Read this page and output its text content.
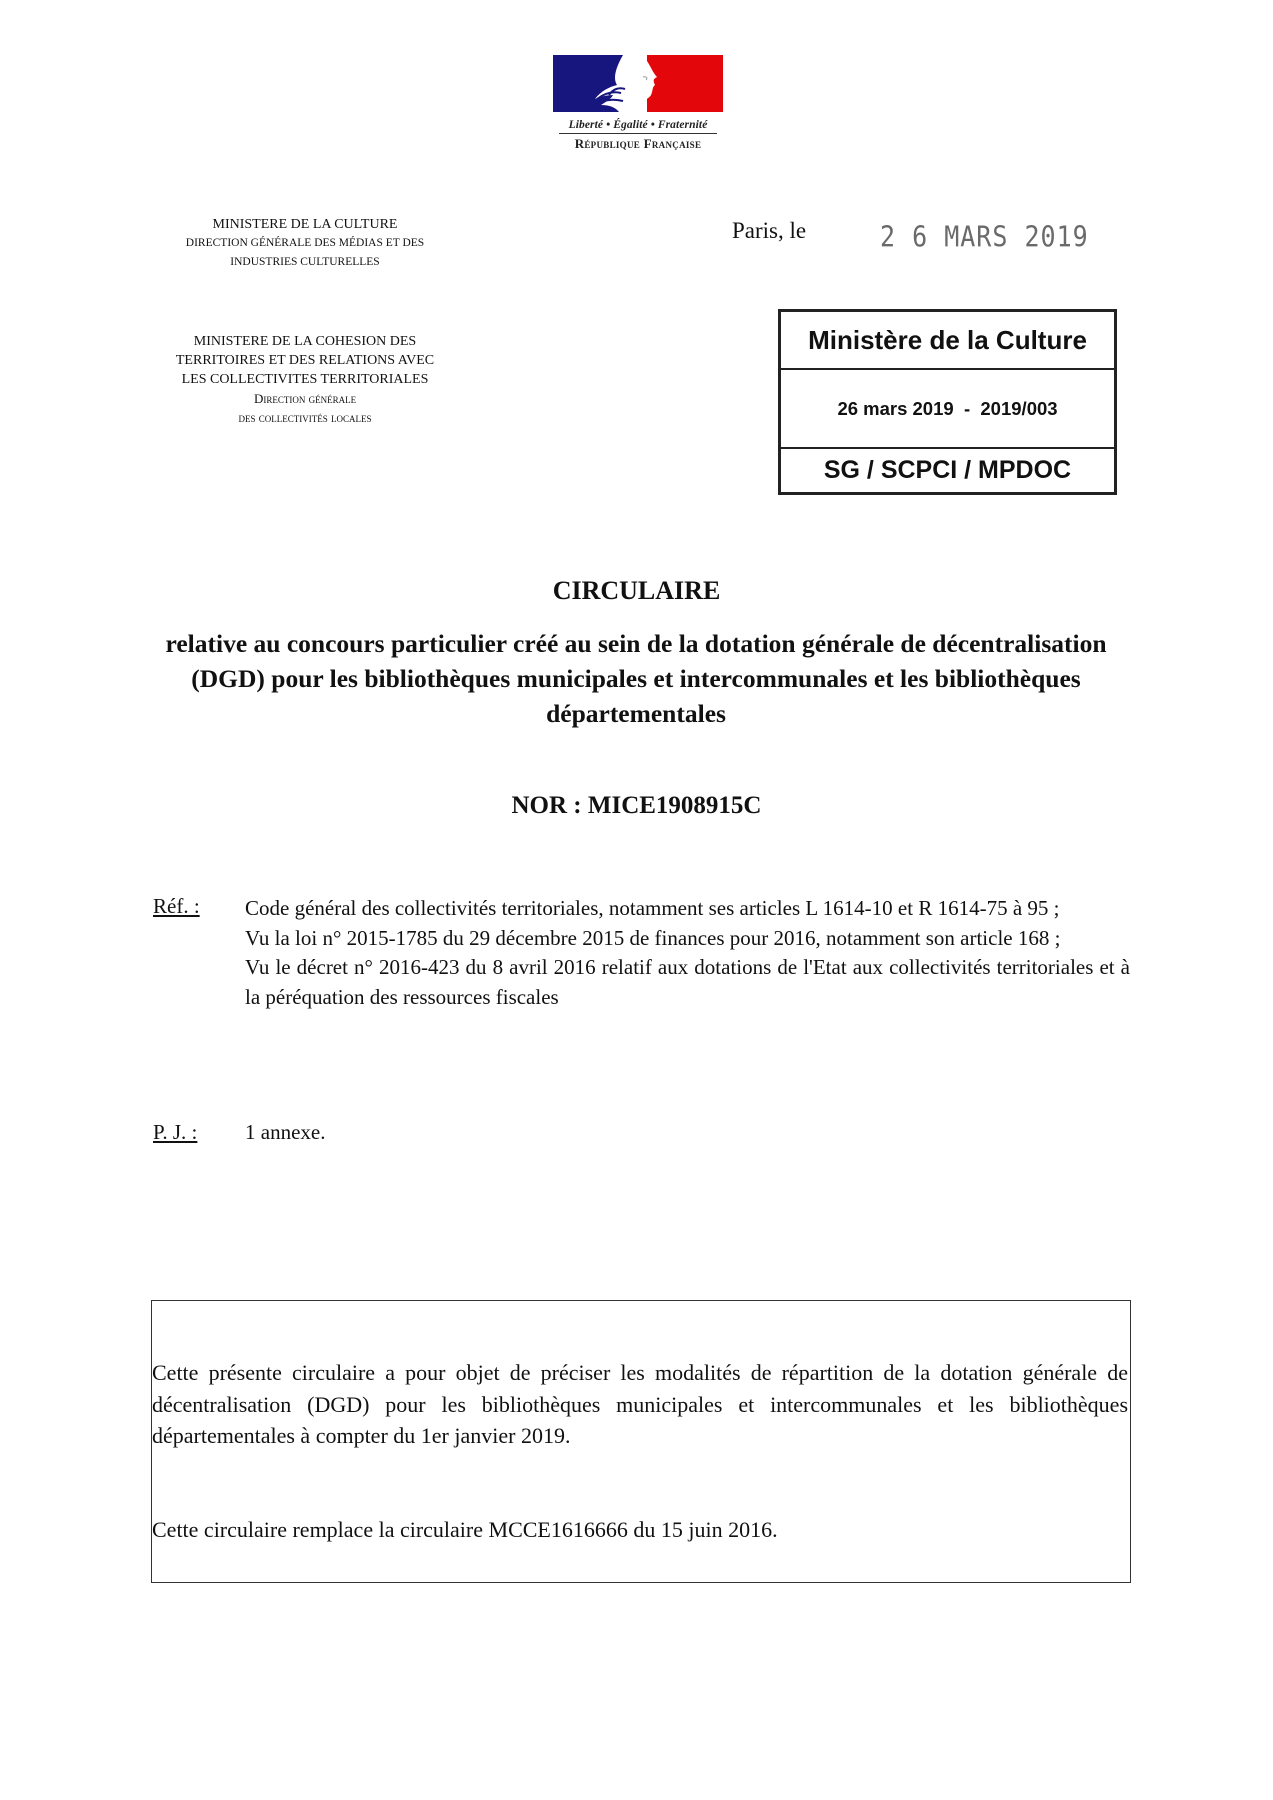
Liberté • Égalité • Fraternité
République Française
MINISTERE DE LA CULTURE
DIRECTION GÉNÉRALE DES MÉDIAS ET DES
INDUSTRIES CULTURELLES
MINISTERE DE LA COHESION DES
TERRITOIRES ET DES RELATIONS AVEC
LES COLLECTIVITES TERRITORIALES
Direction générale
des collectivités locales
Paris, le	2 6 MARS 2019
Ministère de la Culture
26 mars 2019  -  2019/003
SG / SCPCI / MPDOC
CIRCULAIRE
relative au concours particulier créé au sein de la dotation générale de décentralisation (DGD) pour les bibliothèques municipales et intercommunales et les bibliothèques départementales
NOR : MICE1908915C
Réf. : Code général des collectivités territoriales, notamment ses articles L 1614-10 et R 1614-75 à 95 ;

Vu la loi n° 2015-1785 du 29 décembre 2015 de finances pour 2016, notamment son article 168 ;

Vu le décret n° 2016-423 du 8 avril 2016 relatif aux dotations de l'Etat aux collectivités territoriales et à la péréquation des ressources fiscales

P. J. : 1 annexe.

Cette présente circulaire a pour objet de préciser les modalités de répartition de la dotation générale de décentralisation (DGD) pour les bibliothèques municipales et intercommunales et les bibliothèques départementales à compter du 1er janvier 2019.

Cette circulaire remplace la circulaire MCCE1616666 du 15 juin 2016.
